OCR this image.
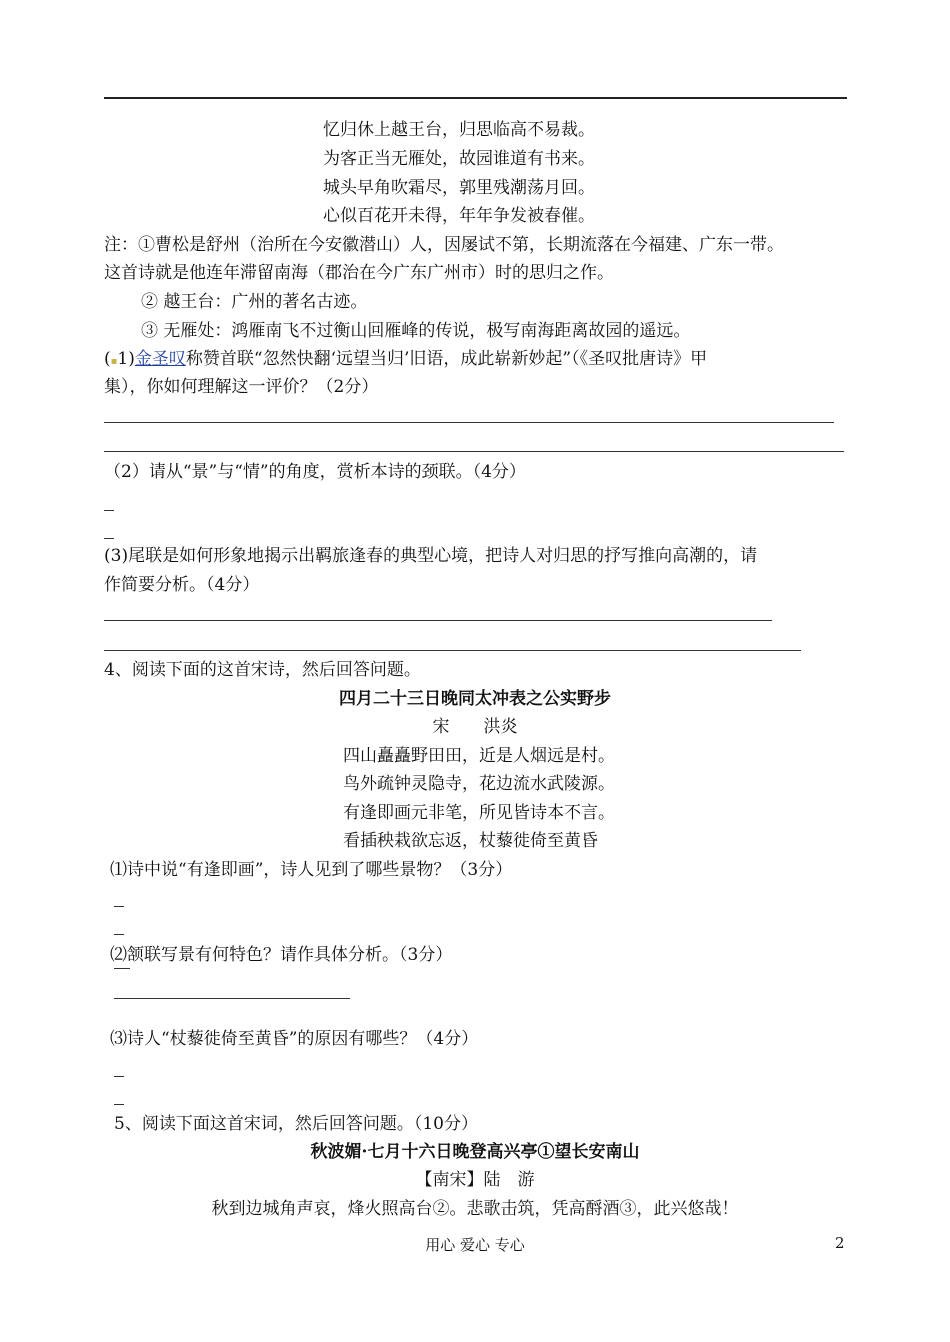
忆归休上越王台，归思临高不易裁。
为客正当无雁处，故园谁道有书来。
城头早角吹霜尽，郭里残潮荡月回。
心似百花开未得，年年争发被春催。
注：①曹松是舒州（治所在今安徽潜山）人，因屡试不第，长期流落在今福建、广东一带。
这首诗就是他连年滞留南海（郡治在今广东广州市）时的思归之作。
② 越王台：广州的著名古迹。
③ 无雁处：鸿雁南飞不过衡山回雁峰的传说，极写南海距离故园的遥远。
(▪1)金圣叹称赞首联“忽然快翻‘远望当归’旧语，成此崭新妙起”（《圣叹批唐诗》甲
集），你如何理解这一评价？（2分）
（2）请从“景”与“情”的角度，赏析本诗的颈联。（4分）
(3)尾联是如何形象地揭示出羁旅逢春的典型心境，把诗人对归思的抒写推向高潮的，请
作简要分析。（4分）
4、阅读下面的这首宋诗，然后回答问题。
四月二十三日晚同太冲表之公实野步
宋　　洪炎
四山矗矗野田田，近是人烟远是村。
鸟外疏钟灵隐寺，花边流水武陵源。
有逢即画元非笔，所见皆诗本不言。
看插秧栽欲忘返，杖藜徙倚至黄昏
⑴诗中说“有逢即画”，诗人见到了哪些景物？（3分）
⑵颔联写景有何特色？请作具体分析。（3分）
⑶诗人“杖藜徙倚至黄昏”的原因有哪些？（4分）
5、阅读下面这首宋词，然后回答问题。（10分）
秋波媚·七月十六日晚登高兴亭①望长安南山
【南宋】陆　游
秋到边城角声哀，烽火照高台②。悲歌击筑，凭高酹酒③，此兴悠哉！
用心 爱心 专心	2
